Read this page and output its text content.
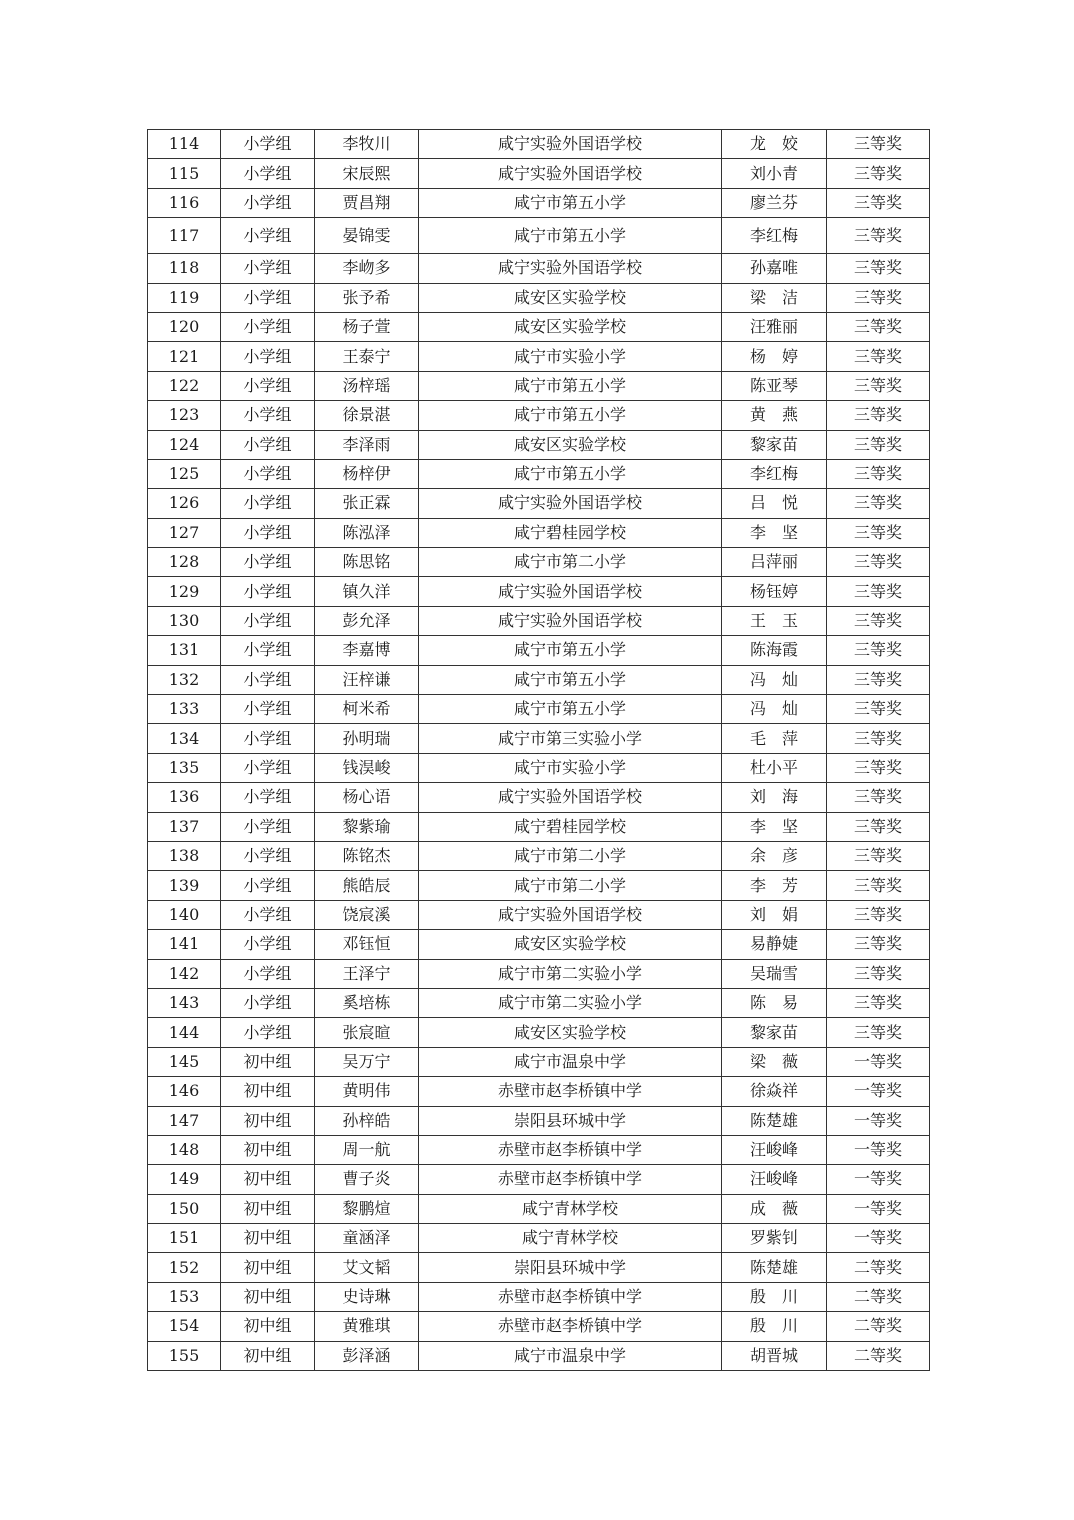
114	小学组	李牧川	咸宁实验外国语学校	龙　姣	三等奖
115	小学组	宋辰熙	咸宁实验外国语学校	刘小青	三等奖
116	小学组	贾昌翔	咸宁市第五小学	廖兰芬	三等奖
117	小学组	晏锦雯	咸宁市第五小学	李红梅	三等奖
118	小学组	李岉多	咸宁实验外国语学校	孙嘉唯	三等奖
119	小学组	张予希	咸安区实验学校	梁　洁	三等奖
120	小学组	杨子萱	咸安区实验学校	汪雅丽	三等奖
121	小学组	王泰宁	咸宁市实验小学	杨　婷	三等奖
122	小学组	汤梓瑶	咸宁市第五小学	陈亚琴	三等奖
123	小学组	徐景湛	咸宁市第五小学	黄　燕	三等奖
124	小学组	李泽雨	咸安区实验学校	黎家苗	三等奖
125	小学组	杨梓伊	咸宁市第五小学	李红梅	三等奖
126	小学组	张正霖	咸宁实验外国语学校	吕　悦	三等奖
127	小学组	陈泓泽	咸宁碧桂园学校	李　坚	三等奖
128	小学组	陈思铭	咸宁市第二小学	吕萍丽	三等奖
129	小学组	镇久洋	咸宁实验外国语学校	杨钰婷	三等奖
130	小学组	彭允泽	咸宁实验外国语学校	王　玉	三等奖
131	小学组	李嘉博	咸宁市第五小学	陈海霞	三等奖
132	小学组	汪梓谦	咸宁市第五小学	冯　灿	三等奖
133	小学组	柯米希	咸宁市第五小学	冯　灿	三等奖
134	小学组	孙明瑞	咸宁市第三实验小学	毛　萍	三等奖
135	小学组	钱淏峻	咸宁市实验小学	杜小平	三等奖
136	小学组	杨心语	咸宁实验外国语学校	刘　海	三等奖
137	小学组	黎紫瑜	咸宁碧桂园学校	李　坚	三等奖
138	小学组	陈铭杰	咸宁市第二小学	余　彦	三等奖
139	小学组	熊皓辰	咸宁市第二小学	李　芳	三等奖
140	小学组	饶宸溪	咸宁实验外国语学校	刘　娟	三等奖
141	小学组	邓钰恒	咸安区实验学校	易静婕	三等奖
142	小学组	王泽宁	咸宁市第二实验小学	吴瑞雪	三等奖
143	小学组	奚培栋	咸宁市第二实验小学	陈　易	三等奖
144	小学组	张宸暄	咸安区实验学校	黎家苗	三等奖
145	初中组	吴万宁	咸宁市温泉中学	梁　薇	一等奖
146	初中组	黄明伟	赤壁市赵李桥镇中学	徐焱祥	一等奖
147	初中组	孙梓皓	崇阳县环城中学	陈楚雄	一等奖
148	初中组	周一航	赤壁市赵李桥镇中学	汪峻峰	一等奖
149	初中组	曹子炎	赤壁市赵李桥镇中学	汪峻峰	一等奖
150	初中组	黎鹏煊	咸宁青林学校	成　薇	一等奖
151	初中组	童涵泽	咸宁青林学校	罗紫钊	一等奖
152	初中组	艾文韬	崇阳县环城中学	陈楚雄	二等奖
153	初中组	史诗琳	赤壁市赵李桥镇中学	殷　川	二等奖
154	初中组	黄雅琪	赤壁市赵李桥镇中学	殷　川	二等奖
155	初中组	彭泽涵	咸宁市温泉中学	胡晋城	二等奖
